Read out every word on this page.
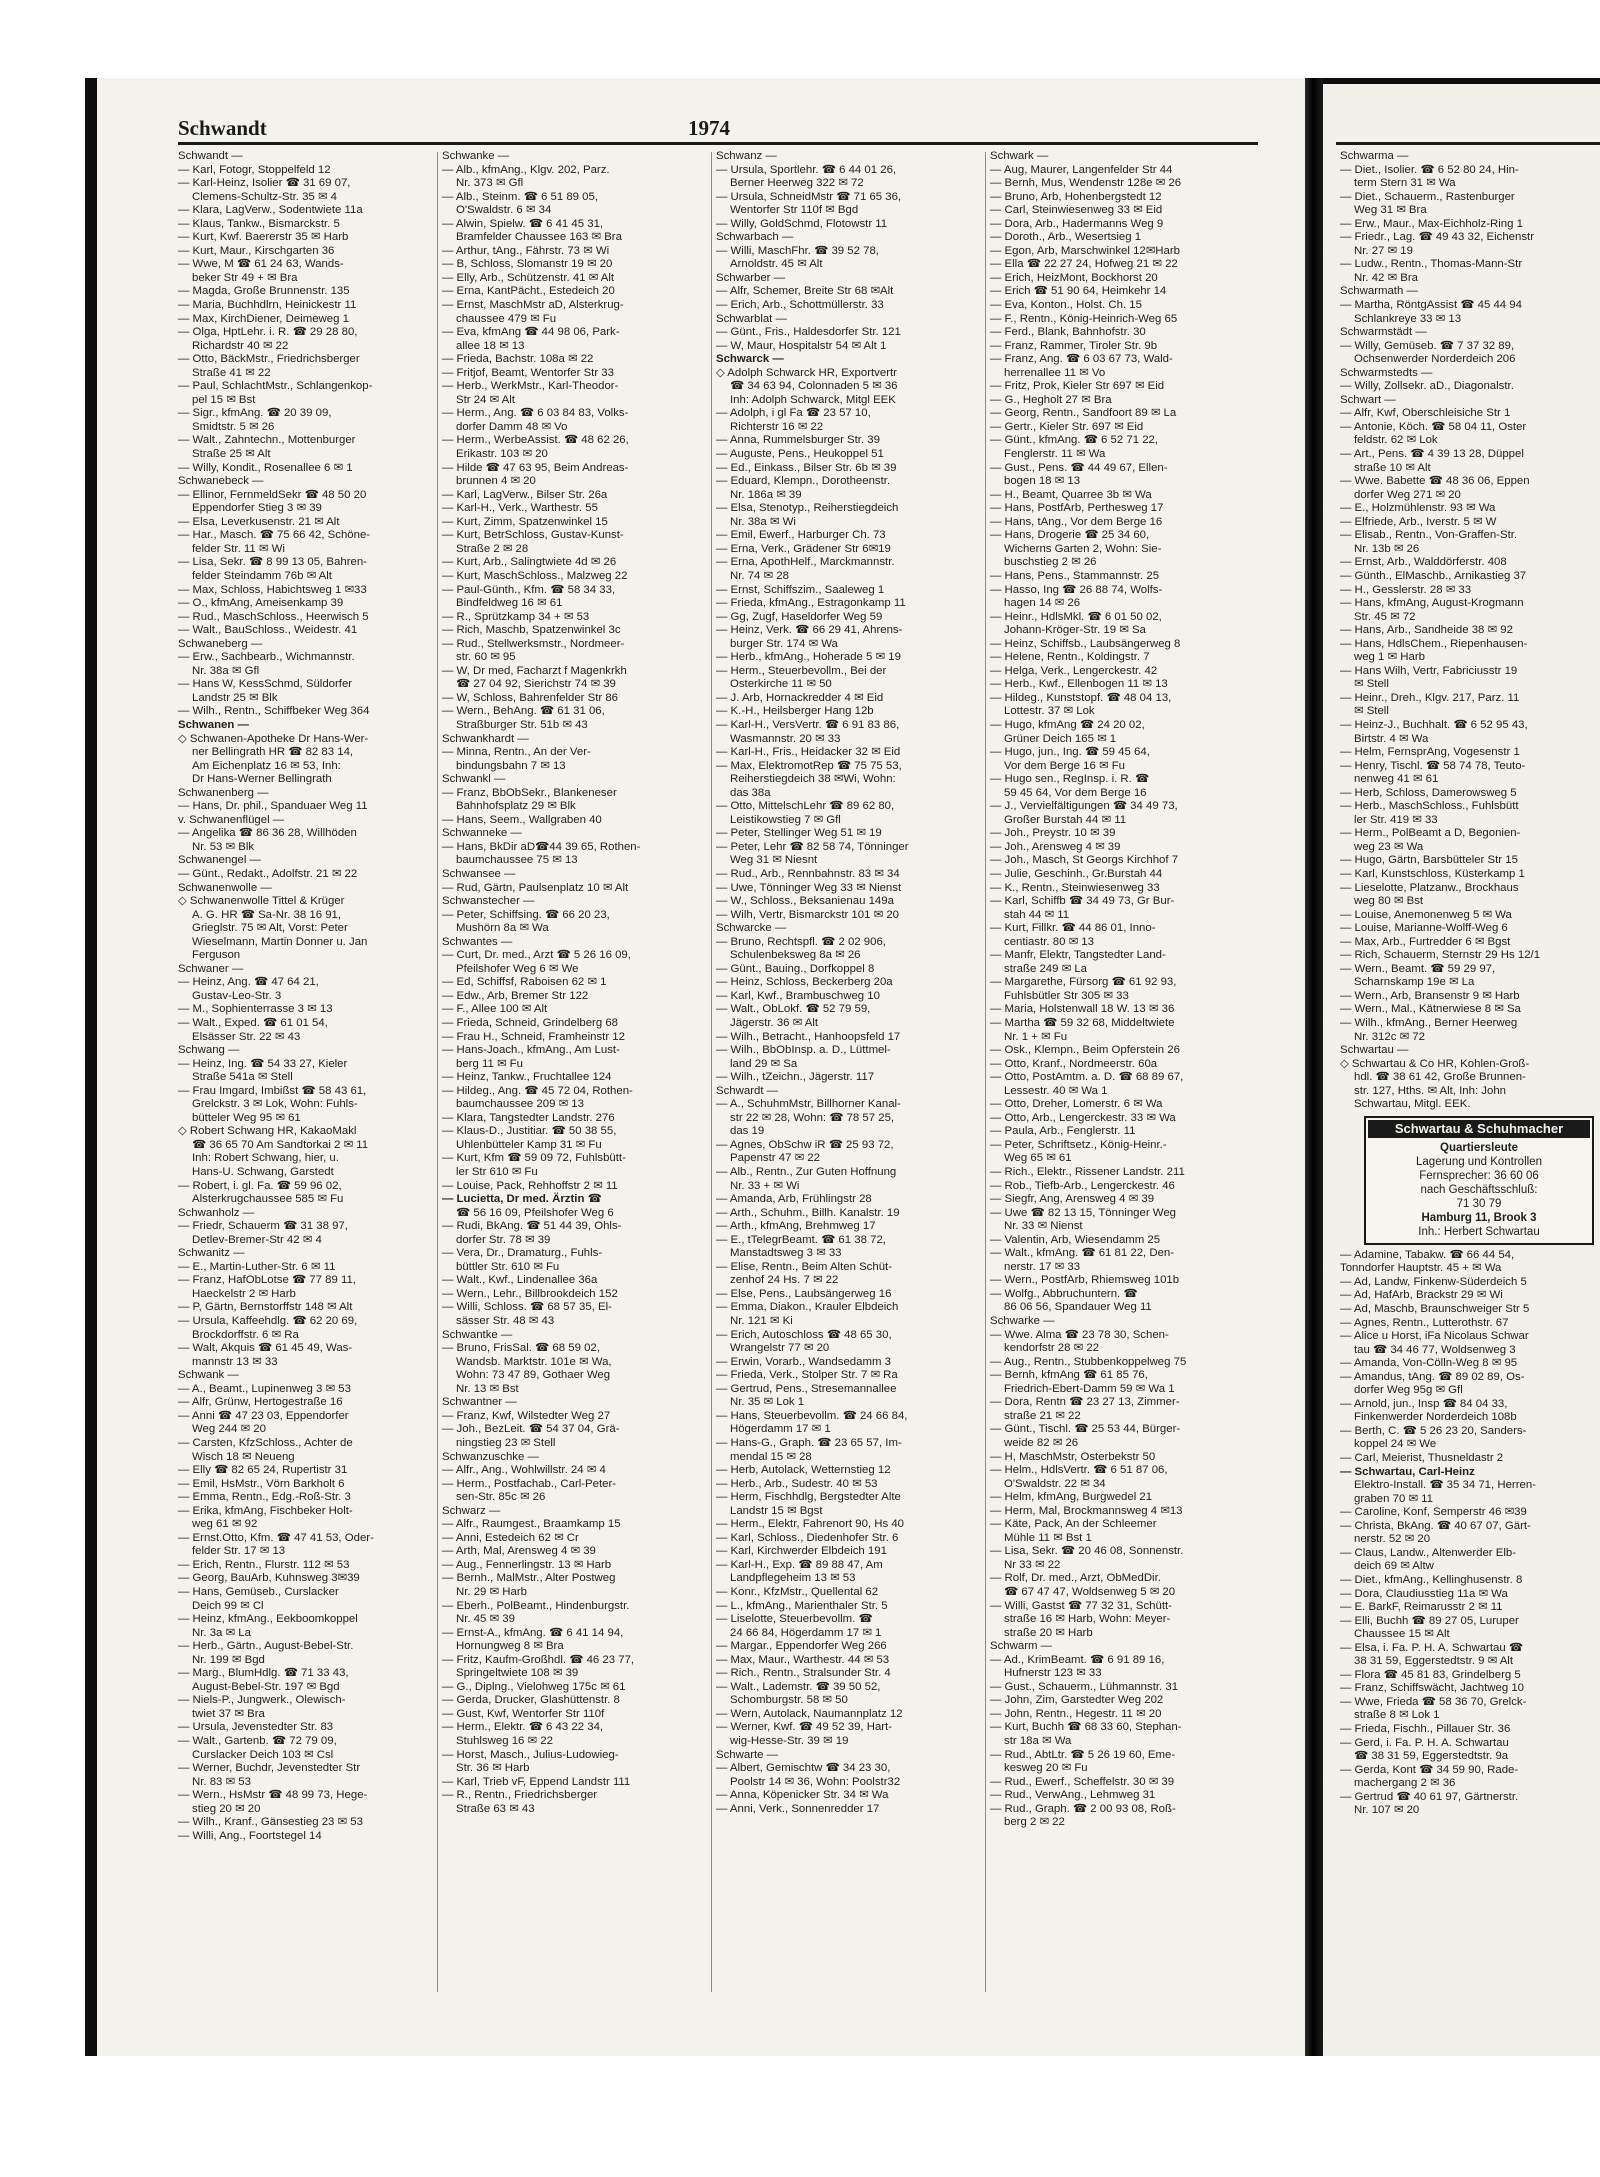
Schwandt	1974
Schwandt —
— Karl, Fotogr, Stoppelfeld 12
— Karl-Heinz, Isolier ☎ 31 69 07,
Clemens-Schultz-Str. 35 ✉ 4
— Klara, LagVerw., Sodentwiete 11a
— Klaus, Tankw., Bismarckstr. 5
— Kurt, Kwf. Baererstr 35 ✉ Harb
— Kurt, Maur., Kirschgarten 36
— Wwe, M ☎ 61 24 63, Wands-
beker Str 49 + ✉ Bra
— Magda, Große Brunnenstr. 135
— Maria, Buchhdlrn, Heinickestr 11
— Max, KirchDiener, Deimeweg 1
— Olga, HptLehr. i. R. ☎ 29 28 80,
Richardstr 40 ✉ 22
— Otto, BäckMstr., Friedrichsberger
Straße 41 ✉ 22
— Paul, SchlachtMstr., Schlangenkop-
pel 15 ✉ Bst
— Sigr., kfmAng. ☎ 20 39 09,
Smidtstr. 5 ✉ 26
— Walt., Zahntechn., Mottenburger
Straße 25 ✉ Alt
— Willy, Kondit., Rosenallee 6 ✉ 1
Schwanebeck —
— Ellinor, FernmeldSekr ☎ 48 50 20
Eppendorfer Stieg 3 ✉ 39
— Elsa, Leverkusenstr. 21 ✉ Alt
— Har., Masch. ☎ 75 66 42, Schöne-
felder Str. 11 ✉ Wi
— Lisa, Sekr. ☎ 8 99 13 05, Bahren-
felder Steindamm 76b ✉ Alt
— Max, Schloss, Habichtsweg 1 ✉33
— O., kfmAng, Ameisenkamp 39
— Rud., MaschSchloss., Heerwisch 5
— Walt., BauSchloss., Weidestr. 41
Schwaneberg —
— Erw., Sachbearb., Wichmannstr.
Nr. 38a ✉ Gfl
— Hans W, KessSchmd, Süldorfer
Landstr 25 ✉ Blk
— Wilh., Rentn., Schiffbeker Weg 364
Schwanen —
◇ Schwanen-Apotheke Dr Hans-Wer-
ner Bellingrath HR ☎ 82 83 14,
Am Eichenplatz 16 ✉ 53, Inh:
Dr Hans-Werner Bellingrath
Schwanenberg —
— Hans, Dr. phil., Spanduaer Weg 11
v. Schwanenflügel —
— Angelika ☎ 86 36 28, Willhöden
Nr. 53 ✉ Blk
Schwanengel —
— Günt., Redakt., Adolfstr. 21 ✉ 22
Schwanenwolle —
◇ Schwanenwolle Tittel & Krüger
A. G. HR ☎ Sa-Nr. 38 16 91,
Grieglstr. 75 ✉ Alt, Vorst: Peter
Wieselmann, Martin Donner u. Jan
Ferguson
Schwaner —
— Heinz, Ang. ☎ 47 64 21,
Gustav-Leo-Str. 3
— M., Sophienterrasse 3 ✉ 13
— Walt., Exped. ☎ 61 01 54,
Elsässer Str. 22 ✉ 43
Schwang —
— Heinz, Ing. ☎ 54 33 27, Kieler
Straße 541a ✉ Stell
— Frau Imgard, Imbißst ☎ 58 43 61,
Grelckstr. 3 ✉ Lok, Wohn: Fuhls-
bütteler Weg 95 ✉ 61
◇ Robert Schwang HR, KakaoMakl
☎ 36 65 70 Am Sandtorkai 2 ✉ 11
Inh: Robert Schwang, hier, u.
Hans-U. Schwang, Garstedt
— Robert, i. gl. Fa. ☎ 59 96 02,
Alsterkrugchaussee 585 ✉ Fu
Schwanholz —
— Friedr, Schauerm ☎ 31 38 97,
Detlev-Bremer-Str 42 ✉ 4
Schwanitz —
— E., Martin-Luther-Str. 6 ✉ 11
— Franz, HafObLotse ☎ 77 89 11,
Haeckelstr 2 ✉ Harb
— P, Gärtn, Bernstorffstr 148 ✉ Alt
— Ursula, Kaffeehdlg. ☎ 62 20 69,
Brockdorffstr. 6 ✉ Ra
— Walt, Akquis ☎ 61 45 49, Was-
mannstr 13 ✉ 33
Schwank —
— A., Beamt., Lupinenweg 3 ✉ 53
— Alfr, Grünw, Hertogestraße 16
— Anni ☎ 47 23 03, Eppendorfer
Weg 244 ✉ 20
— Carsten, KfzSchloss., Achter de
Wisch 18 ✉ Neueng
— Elly ☎ 82 65 24, Rupertistr 31
— Emil, HsMstr., Vörn Barkholt 6
— Emma, Rentn., Edg.-Roß-Str. 3
— Erika, kfmAng, Fischbeker Holt-
weg 61 ✉ 92
— Ernst.Otto, Kfm. ☎ 47 41 53, Oder-
felder Str. 17 ✉ 13
— Erich, Rentn., Flurstr. 112 ✉ 53
— Georg, BauArb, Kuhnsweg 3✉39
— Hans, Gemüseb., Curslacker
Deich 99 ✉ Cl
— Heinz, kfmAng., Eekboomkoppel
Nr. 3a ✉ La
— Herb., Gärtn., August-Bebel-Str.
Nr. 199 ✉ Bgd
— Marg., BlumHdlg. ☎ 71 33 43,
August-Bebel-Str. 197 ✉ Bgd
— Niels-P., Jungwerk., Olewisch-
twiet 37 ✉ Bra
— Ursula, Jevenstedter Str. 83
— Walt., Gartenb. ☎ 72 79 09,
Curslacker Deich 103 ✉ Csl
— Werner, Buchdr, Jevenstedter Str
Nr. 83 ✉ 53
— Wern., HsMstr ☎ 48 99 73, Hege-
stieg 20 ✉ 20
— Wilh., Kranf., Gänsestieg 23 ✉ 53
— Willi, Ang., Foortstegel 14
Schwanke —
— Alb., kfmAng., Klgv. 202, Parz.
Nr. 373 ✉ Gfl
— Alb., Steinm. ☎ 6 51 89 05,
O'Swaldstr. 6 ✉ 34
— Alwin, Spielw. ☎ 6 41 45 31,
Bramfelder Chaussee 163 ✉ Bra
— Arthur, tAng., Fährstr. 73 ✉ Wi
— B, Schloss, Slomanstr 19 ✉ 20
— Elly, Arb., Schützenstr. 41 ✉ Alt
— Erna, KantPächt., Estedeich 20
— Ernst, MaschMstr aD, Alsterkrug-
chaussee 479 ✉ Fu
— Eva, kfmAng ☎ 44 98 06, Park-
allee 18 ✉ 13
— Frieda, Bachstr. 108a ✉ 22
— Fritjof, Beamt, Wentorfer Str 33
— Herb., WerkMstr., Karl-Theodor-
Str 24 ✉ Alt
— Herm., Ang. ☎ 6 03 84 83, Volks-
dorfer Damm 48 ✉ Vo
— Herm., WerbeAssist. ☎ 48 62 26,
Erikastr. 103 ✉ 20
— Hilde ☎ 47 63 95, Beim Andreas-
brunnen 4 ✉ 20
— Karl, LagVerw., Bilser Str. 26a
— Karl-H., Verk., Warthestr. 55
— Kurt, Zimm, Spatzenwinkel 15
— Kurt, BetrSchloss, Gustav-Kunst-
Straße 2 ✉ 28
— Kurt, Arb., Salingtwiete 4d ✉ 26
— Kurt, MaschSchloss., Malzweg 22
— Paul-Günth., Kfm. ☎ 58 34 33,
Bindfeldweg 16 ✉ 61
— R., Sprützkamp 34 + ✉ 53
— Rich, Maschb, Spatzenwinkel 3c
— Rud., Stellwerksmstr., Nordmeer-
str. 60 ✉ 95
— W, Dr med, Facharzt f Magenkrkh
☎ 27 04 92, Sierichstr 74 ✉ 39
— W, Schloss, Bahrenfelder Str 86
— Wern., BehAng. ☎ 61 31 06,
Straßburger Str. 51b ✉ 43
Schwankhardt —
— Minna, Rentn., An der Ver-
bindungsbahn 7 ✉ 13
Schwankl —
— Franz, BbObSekr., Blankeneser
Bahnhofsplatz 29 ✉ Blk
— Hans, Seem., Wallgraben 40
Schwanneke —
— Hans, BkDir aD☎44 39 65, Rothen-
baumchaussee 75 ✉ 13
Schwansee —
— Rud, Gärtn, Paulsenplatz 10 ✉ Alt
Schwanstecher —
— Peter, Schiffsing. ☎ 66 20 23,
Mushörn 8a ✉ Wa
Schwantes —
— Curt, Dr. med., Arzt ☎ 5 26 16 09,
Pfeilshofer Weg 6 ✉ We
— Ed, Schiffsf, Raboisen 62 ✉ 1
— Edw., Arb, Bremer Str 122
— F., Allee 100 ✉ Alt
— Frieda, Schneid, Grindelberg 68
— Frau H., Schneid, Framheinstr 12
— Hans-Joach., kfmAng., Am Lust-
berg 11 ✉ Fu
— Heinz, Tankw., Fruchtallee 124
— Hildeg., Ang. ☎ 45 72 04, Rothen-
baumchaussee 209 ✉ 13
— Klara, Tangstedter Landstr. 276
— Klaus-D., Justitiar. ☎ 50 38 55,
Uhlenbütteler Kamp 31 ✉ Fu
— Kurt, Kfm ☎ 59 09 72, Fuhlsbütt-
ler Str 610 ✉ Fu
— Louise, Pack, Rehhoffstr 2 ✉ 11
— Lucietta, Dr med. Ärztin ☎
☎ 56 16 09, Pfeilshofer Weg 6
— Rudi, BkAng. ☎ 51 44 39, Ohls-
dorfer Str. 78 ✉ 39
— Vera, Dr., Dramaturg., Fuhls-
büttler Str. 610 ✉ Fu
— Walt., Kwf., Lindenallee 36a
— Wern., Lehr., Billbrookdeich 152
— Willi, Schloss. ☎ 68 57 35, El-
sässer Str. 48 ✉ 43
Schwantke —
— Bruno, FrisSal. ☎ 68 59 02,
Wandsb. Marktstr. 101e ✉ Wa,
Wohn: 73 47 89, Gothaer Weg
Nr. 13 ✉ Bst
Schwantner —
— Franz, Kwf, Wilstedter Weg 27
— Joh., BezLeit. ☎ 54 37 04, Grä-
ningstieg 23 ✉ Stell
Schwanzuschke —
— Alfr., Ang., Wohlwillstr. 24 ✉ 4
— Herm., Postfachab., Carl-Peter-
sen-Str. 85c ✉ 26
Schwarz —
— Alfr., Raumgest., Braamkamp 15
— Anni, Estedeich 62 ✉ Cr
— Arth, Mal, Arensweg 4 ✉ 39
— Aug., Fennerlingstr. 13 ✉ Harb
— Bernh., MalMstr., Alter Postweg
Nr. 29 ✉ Harb
— Eberh., PolBeamt., Hindenburgstr.
Nr. 45 ✉ 39
— Ernst-A., kfmAng. ☎ 6 41 14 94,
Hornungweg 8 ✉ Bra
— Fritz, Kaufm-Großhdl. ☎ 46 23 77,
Springeltwiete 108 ✉ 39
— G., Diplng., Vielohweg 175c ✉ 61
— Gerda, Drucker, Glashüttenstr. 8
— Gust, Kwf, Wentorfer Str 110f
— Herm., Elektr. ☎ 6 43 22 34,
Stuhlsweg 16 ✉ 22
— Horst, Masch., Julius-Ludowieg-
Str. 36 ✉ Harb
— Karl, Trieb vF, Eppend Landstr 111
— R., Rentn., Friedrichsberger
Straße 63 ✉ 43
Schwanz —
— Ursula, Sportlehr. ☎ 6 44 01 26,
Berner Heerweg 322 ✉ 72
— Ursula, SchneidMstr ☎ 71 65 36,
Wentorfer Str 110f ✉ Bgd
— Willy, GoldSchmd, Flotowstr 11
Schwarbach —
— Willi, MaschFhr. ☎ 39 52 78,
Arnoldstr. 45 ✉ Alt
Schwarber —
— Alfr, Schemer, Breite Str 68 ✉Alt
— Erich, Arb., Schottmüllerstr. 33
Schwarblat —
— Günt., Fris., Haldesdorfer Str. 121
— W, Maur, Hospitalstr 54 ✉ Alt 1
Schwarck —
◇ Adolph Schwarck HR, Exportvertr
☎ 34 63 94, Colonnaden 5 ✉ 36
Inh: Adolph Schwarck, Mitgl EEK
— Adolph, i gl Fa ☎ 23 57 10,
Richterstr 16 ✉ 22
— Anna, Rummelsburger Str. 39
— Auguste, Pens., Heukoppel 51
— Ed., Einkass., Bilser Str. 6b ✉ 39
— Eduard, Klempn., Dorotheenstr.
Nr. 186a ✉ 39
— Elsa, Stenotyp., Reiherstiegdeich
Nr. 38a ✉ Wi
— Emil, Ewerf., Harburger Ch. 73
— Erna, Verk., Grädener Str 6✉19
— Erna, ApothHelf., Marckmannstr.
Nr. 74 ✉ 28
— Ernst, Schiffszim., Saaleweg 1
— Frieda, kfmAng., Estragonkamp 11
— Gg, Zugf, Haseldorfer Weg 59
— Heinz, Verk. ☎ 66 29 41, Ahrens-
burger Str. 174 ✉ Wa
— Herb., kfmAng., Hoherade 5 ✉ 19
— Herm., Steuerbevollm., Bei der
Osterkirche 11 ✉ 50
— J. Arb, Hornackredder 4 ✉ Eid
— K.-H., Heilsberger Hang 12b
— Karl-H., VersVertr. ☎ 6 91 83 86,
Wasmannstr. 20 ✉ 33
— Karl-H., Fris., Heidacker 32 ✉ Eid
— Max, ElektromotRep ☎ 75 75 53,
Reiherstiegdeich 38 ✉Wi, Wohn:
das 38a
— Otto, MittelschLehr ☎ 89 62 80,
Leistikowstieg 7 ✉ Gfl
— Peter, Stellinger Weg 51 ✉ 19
— Peter, Lehr ☎ 82 58 74, Tönninger
Weg 31 ✉ Niesnt
— Rud., Arb., Rennbahnstr. 83 ✉ 34
— Uwe, Tönninger Weg 33 ✉ Nienst
— W., Schloss., Beksanienau 149a
— Wilh, Vertr, Bismarckstr 101 ✉ 20
Schwarcke —
— Bruno, Rechtspfl. ☎ 2 02 906,
Schulenbeksweg 8a ✉ 26
— Günt., Bauing., Dorfkoppel 8
— Heinz, Schloss, Beckerberg 20a
— Karl, Kwf., Brambuschweg 10
— Walt., ObLokf. ☎ 52 79 59,
Jägerstr. 36 ✉ Alt
— Wilh., Betracht., Hanhoopsfeld 17
— Wilh., BbObInsp. a. D., Lüttmel-
land 29 ✉ Sa
— Wilh., tZeichn., Jägerstr. 117
Schwardt —
— A., SchuhmMstr, Billhorner Kanal-
str 22 ✉ 28, Wohn: ☎ 78 57 25,
das 19
— Agnes, ObSchw iR ☎ 25 93 72,
Papenstr 47 ✉ 22
— Alb., Rentn., Zur Guten Hoffnung
Nr. 33 + ✉ Wi
— Amanda, Arb, Frühlingstr 28
— Arth., Schuhm., Billh. Kanalstr. 19
— Arth., kfmAng, Brehmweg 17
— E., tTelegrBeamt. ☎ 61 38 72,
Manstadtsweg 3 ✉ 33
— Elise, Rentn., Beim Alten Schüt-
zenhof 24 Hs. 7 ✉ 22
— Else, Pens., Laubsängerweg 16
— Emma, Diakon., Krauler Elbdeich
Nr. 121 ✉ Ki
— Erich, Autoschloss ☎ 48 65 30,
Wrangelstr 77 ✉ 20
— Erwin, Vorarb., Wandsedamm 3
— Frieda, Verk., Stolper Str. 7 ✉ Ra
— Gertrud, Pens., Stresemannallee
Nr. 35 ✉ Lok 1
— Hans, Steuerbevollm. ☎ 24 66 84,
Högerdamm 17 ✉ 1
— Hans-G., Graph. ☎ 23 65 57, Im-
mendal 15 ✉ 28
— Herb, Autolack, Wetternstieg 12
— Herb., Arb., Sudestr. 40 ✉ 53
— Herm, Fischhdlg, Bergstedter Alte
Landstr 15 ✉ Bgst
— Herm., Elektr, Fahrenort 90, Hs 40
— Karl, Schloss., Diedenhofer Str. 6
— Karl, Kirchwerder Elbdeich 191
— Karl-H., Exp. ☎ 89 88 47, Am
Landpflegeheim 13 ✉ 53
— Konr., KfzMstr., Quellental 62
— L., kfmAng., Marienthaler Str. 5
— Liselotte, Steuerbevollm. ☎
24 66 84, Högerdamm 17 ✉ 1
— Margar., Eppendorfer Weg 266
— Max, Maur., Warthestr. 44 ✉ 53
— Rich., Rentn., Stralsunder Str. 4
— Walt., Lademstr. ☎ 39 50 52,
Schomburgstr. 58 ✉ 50
— Wern, Autolack, Naumannplatz 12
— Werner, Kwf. ☎ 49 52 39, Hart-
wig-Hesse-Str. 39 ✉ 19
Schwarte —
— Albert, Gemischtw ☎ 34 23 30,
Poolstr 14 ✉ 36, Wohn: Poolstr32
— Anna, Köpenicker Str. 34 ✉ Wa
— Anni, Verk., Sonnenredder 17
Schwark —
— Aug, Maurer, Langenfelder Str 44
— Bernh, Mus, Wendenstr 128e ✉ 26
— Bruno, Arb, Hohenbergstedt 12
— Carl, Steinwiesenweg 33 ✉ Eid
— Dora, Arb., Hadermanns Weg 9
— Doroth., Arb., Wesertsieg 1
— Egon, Arb, Marschwinkel 12✉Harb
— Ella ☎ 22 27 24, Hofweg 21 ✉ 22
— Erich, HeizMont, Bockhorst 20
— Erich ☎ 51 90 64, Heimkehr 14
— Eva, Konton., Holst. Ch. 15
— F., Rentn., König-Heinrich-Weg 65
— Ferd., Blank, Bahnhofstr. 30
— Franz, Rammer, Tiroler Str. 9b
— Franz, Ang. ☎ 6 03 67 73, Wald-
herrenallee 11 ✉ Vo
— Fritz, Prok, Kieler Str 697 ✉ Eid
— G., Hegholt 27 ✉ Bra
— Georg, Rentn., Sandfoort 89 ✉ La
— Gertr., Kieler Str. 697 ✉ Eid
— Günt., kfmAng. ☎ 6 52 71 22,
Fenglerstr. 11 ✉ Wa
— Gust., Pens. ☎ 44 49 67, Ellen-
bogen 18 ✉ 13
— H., Beamt, Quarree 3b ✉ Wa
— Hans, PostfArb, Perthesweg 17
— Hans, tAng., Vor dem Berge 16
— Hans, Drogerie ☎ 25 34 60,
Wicherns Garten 2, Wohn: Sie-
buschstieg 2 ✉ 26
— Hans, Pens., Stammannstr. 25
— Hasso, Ing ☎ 26 88 74, Wolfs-
hagen 14 ✉ 26
— Heinr., HdlsMkl. ☎ 6 01 50 02,
Johann-Kröger-Str. 19 ✉ Sa
— Heinz, Schiffsb., Laubsängerweg 8
— Helene, Rentn., Koldingstr. 7
— Helga, Verk., Lengerckestr. 42
— Herb., Kwf., Ellenbogen 11 ✉ 13
— Hildeg., Kunststopf. ☎ 48 04 13,
Lottestr. 37 ✉ Lok
— Hugo, kfmAng ☎ 24 20 02,
Grüner Deich 165 ✉ 1
— Hugo, jun., Ing. ☎ 59 45 64,
Vor dem Berge 16 ✉ Fu
— Hugo sen., RegInsp. i. R. ☎
59 45 64, Vor dem Berge 16
— J., Vervielfältigungen ☎ 34 49 73,
Großer Burstah 44 ✉ 11
— Joh., Preystr. 10 ✉ 39
— Joh., Arensweg 4 ✉ 39
— Joh., Masch, St Georgs Kirchhof 7
— Julie, Geschinh., Gr.Burstah 44
— K., Rentn., Steinwiesenweg 33
— Karl, Schiffb ☎ 34 49 73, Gr Bur-
stah 44 ✉ 11
— Kurt, Fillkr. ☎ 44 86 01, Inno-
centiastr. 80 ✉ 13
— Manfr, Elektr, Tangstedter Land-
straße 249 ✉ La
— Margarethe, Fürsorg ☎ 61 92 93,
Fuhlsbütler Str 305 ✉ 33
— Maria, Holstenwall 18 W. 13 ✉ 36
— Martha ☎ 59 32 68, Middeltwiete
Nr. 1 + ✉ Fu
— Osk., Klempn., Beim Opferstein 26
— Otto, Kranf., Nordmeerstr. 60a
— Otto, PostAmtm. a. D. ☎ 68 89 67,
Lessestr. 40 ✉ Wa 1
— Otto, Dreher, Lomerstr. 6 ✉ Wa
— Otto, Arb., Lengerckestr. 33 ✉ Wa
— Paula, Arb., Fenglerstr. 11
— Peter, Schriftsetz., König-Heinr.-
Weg 65 ✉ 61
— Rich., Elektr., Rissener Landstr. 211
— Rob., Tiefb-Arb., Lengerckestr. 46
— Siegfr, Ang, Arensweg 4 ✉ 39
— Uwe ☎ 82 13 15, Tönninger Weg
Nr. 33 ✉ Nienst
— Valentin, Arb, Wiesendamm 25
— Walt., kfmAng. ☎ 61 81 22, Den-
nerstr. 17 ✉ 33
— Wern., PostfArb, Rhiemsweg 101b
— Wolfg., Abbruchuntern. ☎
86 06 56, Spandauer Weg 11
Schwarke —
— Wwe. Alma ☎ 23 78 30, Schen-
kendorfstr 28 ✉ 22
— Aug., Rentn., Stubbenkoppelweg 75
— Bernh, kfmAng ☎ 61 85 76,
Friedrich-Ebert-Damm 59 ✉ Wa 1
— Dora, Rentn ☎ 23 27 13, Zimmer-
straße 21 ✉ 22
— Günt., Tischl. ☎ 25 53 44, Bürger-
weide 82 ✉ 26
— H, MaschMstr, Osterbekstr 50
— Helm., HdlsVertr. ☎ 6 51 87 06,
O'Swaldstr. 22 ✉ 34
— Helm, kfmAng, Burgwedel 21
— Herm, Mal, Brockmannsweg 4 ✉13
— Käte, Pack, An der Schleemer
Mühle 11 ✉ Bst 1
— Lisa, Sekr. ☎ 20 46 08, Sonnenstr.
Nr 33 ✉ 22
— Rolf, Dr. med., Arzt, ObMedDir.
☎ 67 47 47, Woldsenweg 5 ✉ 20
— Willi, Gastst ☎ 77 32 31, Schütt-
straße 16 ✉ Harb, Wohn: Meyer-
straße 20 ✉ Harb
Schwarm —
— Ad., KrimBeamt. ☎ 6 91 89 16,
Hufnerstr 123 ✉ 33
— Gust., Schauerm., Lühmannstr. 31
— John, Zim, Garstedter Weg 202
— John, Rentn., Hegestr. 11 ✉ 20
— Kurt, Buchh ☎ 68 33 60, Stephan-
str 18a ✉ Wa
— Rud., AbtLtr. ☎ 5 26 19 60, Eme-
kesweg 20 ✉ Fu
— Rud., Ewerf., Scheffelstr. 30 ✉ 39
— Rud., VerwAng., Lehmweg 31
— Rud., Graph. ☎ 2 00 93 08, Roß-
berg 2 ✉ 22
Schwarma —
— Diet., Isolier. ☎ 6 52 80 24, Hin-
term Stern 31 ✉ Wa
— Diet., Schauerm., Rastenburger
Weg 31 ✉ Bra
— Erw., Maur., Max-Eichholz-Ring 1
— Friedr., Lag. ☎ 49 43 32, Eichenstr
Nr. 27 ✉ 19
— Ludw., Rentn., Thomas-Mann-Str
Nr. 42 ✉ Bra
Schwarmath —
— Martha, RöntgAssist ☎ 45 44 94
Schlankreye 33 ✉ 13
Schwarmstädt —
— Willy, Gemüseb. ☎ 7 37 32 89,
Ochsenwerder Norderdeich 206
Schwarmstedts —
— Willy, Zollsekr. aD., Diagonalstr.
Schwart —
— Alfr, Kwf, Oberschleisiche Str 1
— Antonie, Köch. ☎ 58 04 11, Oster
feldstr. 62 ✉ Lok
— Art., Pens. ☎ 4 39 13 28, Düppel
straße 10 ✉ Alt
— Wwe. Babette ☎ 48 36 06, Eppen
dorfer Weg 271 ✉ 20
— E., Holzmühlenstr. 93 ✉ Wa
— Elfriede, Arb., Iverstr. 5 ✉ W
— Elisab., Rentn., Von-Graffen-Str.
Nr. 13b ✉ 26
— Ernst, Arb., Walddörferstr. 408
— Günth., ElMaschb., Arnikastieg 37
— H., Gesslerstr. 28 ✉ 33
— Hans, kfmAng, August-Krogmann
Str. 45 ✉ 72
— Hans, Arb., Sandheide 38 ✉ 92
— Hans, HdlsChem., Riepenhausen-
weg 1 ✉ Harb
— Hans Wilh, Vertr, Fabriciusstr 19
✉ Stell
— Heinr., Dreh., Klgv. 217, Parz. 11
✉ Stell
— Heinz-J., Buchhalt. ☎ 6 52 95 43,
Birtstr. 4 ✉ Wa
— Helm, FernsprAng, Vogesenstr 1
— Henry, Tischl. ☎ 58 74 78, Teuto-
nenweg 41 ✉ 61
— Herb, Schloss, Damerowsweg 5
— Herb., MaschSchloss., Fuhlsbütt
ler Str. 419 ✉ 33
— Herm., PolBeamt a D, Begonien-
weg 23 ✉ Wa
— Hugo, Gärtn, Barsbütteler Str 15
— Karl, Kunstschloss, Küsterkamp 1
— Lieselotte, Platzanw., Brockhaus
weg 80 ✉ Bst
— Louise, Anemonenweg 5 ✉ Wa
— Louise, Marianne-Wolff-Weg 6
— Max, Arb., Furtredder 6 ✉ Bgst
— Rich, Schauerm, Sternstr 29 Hs 12/1
— Wern., Beamt. ☎ 59 29 97,
Scharnskamp 19e ✉ La
— Wern., Arb, Bransenstr 9 ✉ Harb
— Wern., Mal., Kätnerwiese 8 ✉ Sa
— Wilh., kfmAng., Berner Heerweg
Nr. 312c ✉ 72
Schwartau —
◇ Schwartau & Co HR, Kohlen-Groß-
hdl. ☎ 38 61 42, Große Brunnen-
str. 127, Hths. ✉ Alt, Inh: John
Schwartau, Mitgl. EEK.
Schwartau & Schuhmacher
Quartiersleute
Lagerung und Kontrollen
Fernsprecher: 36 60 06
nach Geschäftsschluß:
71 30 79
Hamburg 11, Brook 3
Inh.: Herbert Schwartau
— Adamine, Tabakw. ☎ 66 44 54,
Tonndorfer Hauptstr. 45 + ✉ Wa
— Ad, Landw, Finkenw-Süderdeich 5
— Ad, HafArb, Brackstr 29 ✉ Wi
— Ad, Maschb, Braunschweiger Str 5
— Agnes, Rentn., Lutterothstr. 67
— Alice u Horst, iFa Nicolaus Schwar
tau ☎ 34 46 77, Woldsenweg 3
— Amanda, Von-Cölln-Weg 8 ✉ 95
— Amandus, tAng. ☎ 89 02 89, Os-
dorfer Weg 95g ✉ Gfl
— Arnold, jun., Insp ☎ 84 04 33,
Finkenwerder Norderdeich 108b
— Berth, C. ☎ 5 26 23 20, Sanders-
koppel 24 ✉ We
— Carl, Meierist, Thusneldastr 2
— Schwartau, Carl-Heinz
Elektro-Install. ☎ 35 34 71, Herren-
graben 70 ✉ 11
— Caroline, Konf, Semperstr 46 ✉39
— Christa, BkAng. ☎ 40 67 07, Gärt-
nerstr. 52 ✉ 20
— Claus, Landw., Altenwerder Elb-
deich 69 ✉ Altw
— Diet., kfmAng., Kellinghusenstr. 8
— Dora, Claudiusstieg 11a ✉ Wa
— E. BarkF, Reimarusstr 2 ✉ 11
— Elli, Buchh ☎ 89 27 05, Luruper
Chaussee 15 ✉ Alt
— Elsa, i. Fa. P. H. A. Schwartau ☎
38 31 59, Eggerstedtstr. 9 ✉ Alt
— Flora ☎ 45 81 83, Grindelberg 5
— Franz, Schiffswächt, Jachtweg 10
— Wwe, Frieda ☎ 58 36 70, Grelck-
straße 8 ✉ Lok 1
— Frieda, Fischh., Pillauer Str. 36
— Gerd, i. Fa. P. H. A. Schwartau
☎ 38 31 59, Eggerstedtstr. 9a
— Gerda, Kont ☎ 34 59 90, Rade-
machergang 2 ✉ 36
— Gertrud ☎ 40 61 97, Gärtnerstr.
Nr. 107 ✉ 20
